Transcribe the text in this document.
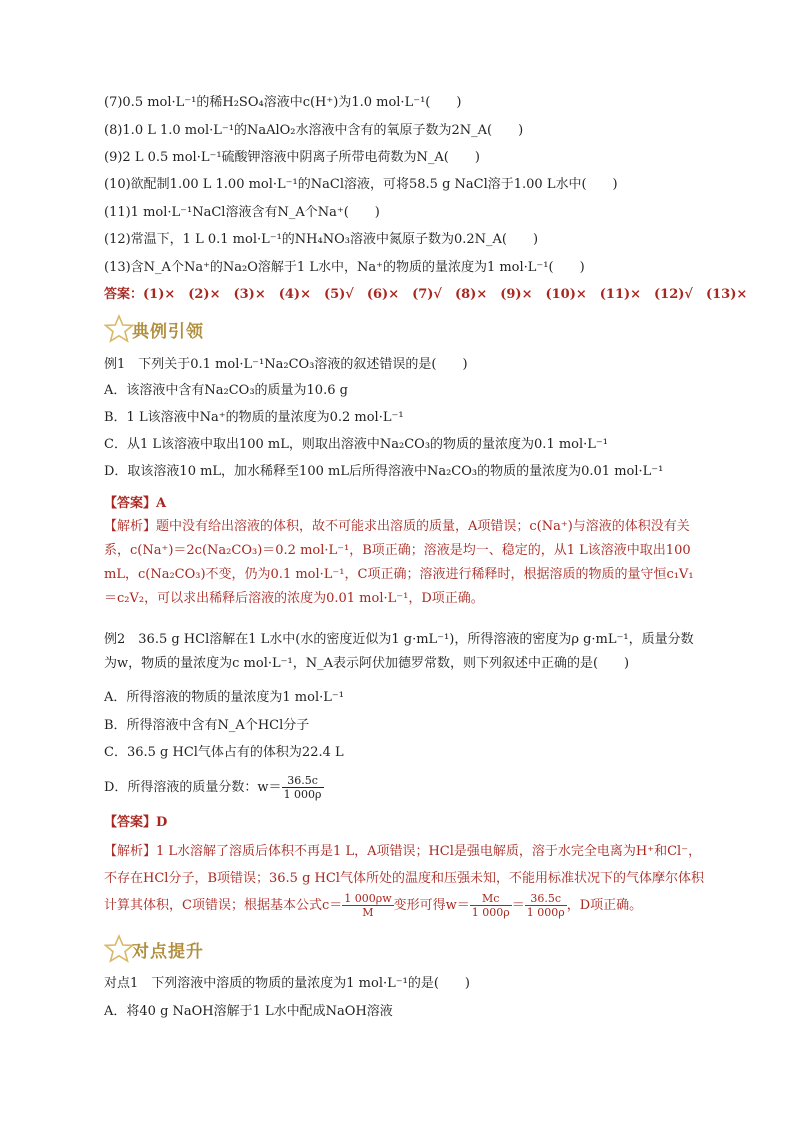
(7)0.5 mol·L⁻¹的稀H₂SO₄溶液中c(H⁺)为1.0 mol·L⁻¹(　　)
(8)1.0 L 1.0 mol·L⁻¹的NaAlO₂水溶液中含有的氧原子数为2N_A(　　)
(9)2 L 0.5 mol·L⁻¹硫酸钾溶液中阴离子所带电荷数为N_A(　　)
(10)欲配制1.00 L 1.00 mol·L⁻¹的NaCl溶液，可将58.5 g NaCl溶于1.00 L水中(　　)
(11)1 mol·L⁻¹NaCl溶液含有N_A个Na⁺(　　)
(12)常温下，1 L 0.1 mol·L⁻¹的NH₄NO₃溶液中氮原子数为0.2N_A(　　)
(13)含N_A个Na⁺的Na₂O溶解于1 L水中，Na⁺的物质的量浓度为1 mol·L⁻¹(　　)
答案：(1)×　(2)×　(3)×　(4)×　(5)√　(6)×　(7)√　(8)×　(9)×　(10)×　(11)×　(12)√　(13)×
典例引领
例1　下列关于0.1 mol·L⁻¹Na₂CO₃溶液的叙述错误的是(　　)
A．该溶液中含有Na₂CO₃的质量为10.6 g
B．1 L该溶液中Na⁺的物质的量浓度为0.2 mol·L⁻¹
C．从1 L该溶液中取出100 mL，则取出溶液中Na₂CO₃的物质的量浓度为0.1 mol·L⁻¹
D．取该溶液10 mL，加水稀释至100 mL后所得溶液中Na₂CO₃的物质的量浓度为0.01 mol·L⁻¹
【答案】A
【解析】题中没有给出溶液的体积，故不可能求出溶质的质量，A项错误；c(Na⁺)与溶液的体积没有关系，c(Na⁺)＝2c(Na₂CO₃)＝0.2 mol·L⁻¹，B项正确；溶液是均一、稳定的，从1 L该溶液中取出100 mL，c(Na₂CO₃)不变，仍为0.1 mol·L⁻¹，C项正确；溶液进行稀释时，根据溶质的物质的量守恒c₁V₁＝c₂V₂，可以求出稀释后溶液的浓度为0.01 mol·L⁻¹，D项正确。
例2　36.5 g HCl溶解在1 L水中(水的密度近似为1 g·mL⁻¹)，所得溶液的密度为ρ g·mL⁻¹，质量分数为w，物质的量浓度为c mol·L⁻¹，N_A表示阿伏加德罗常数，则下列叙述中正确的是(　　)
A．所得溶液的物质的量浓度为1 mol·L⁻¹
B．所得溶液中含有N_A个HCl分子
C．36.5 g HCl气体占有的体积为22.4 L
D．所得溶液的质量分数：$w= \frac{36.5c}{1 000\rho}$
【答案】D
【解析】1 L水溶解了溶质后体积不再是1 L，A项错误；HCl是强电解质，溶于水完全电离为H⁺和Cl⁻，不存在HCl分子，B项错误；36.5 g HCl气体所处的温度和压强未知，不能用标准状况下的气体摩尔体积计算其体积，C项错误；根据基本公式$c= \frac{1 000\rho w}{M}$ 变形可得$w= \frac{Mc}{1 000\rho} = \frac{36.5c}{1 000\rho}$ ，D项正确。
对点提升
对点1　下列溶液中溶质的物质的量浓度为1 mol·L⁻¹的是(　　)
A．将40 g NaOH溶解于1 L水中配成NaOH溶液
